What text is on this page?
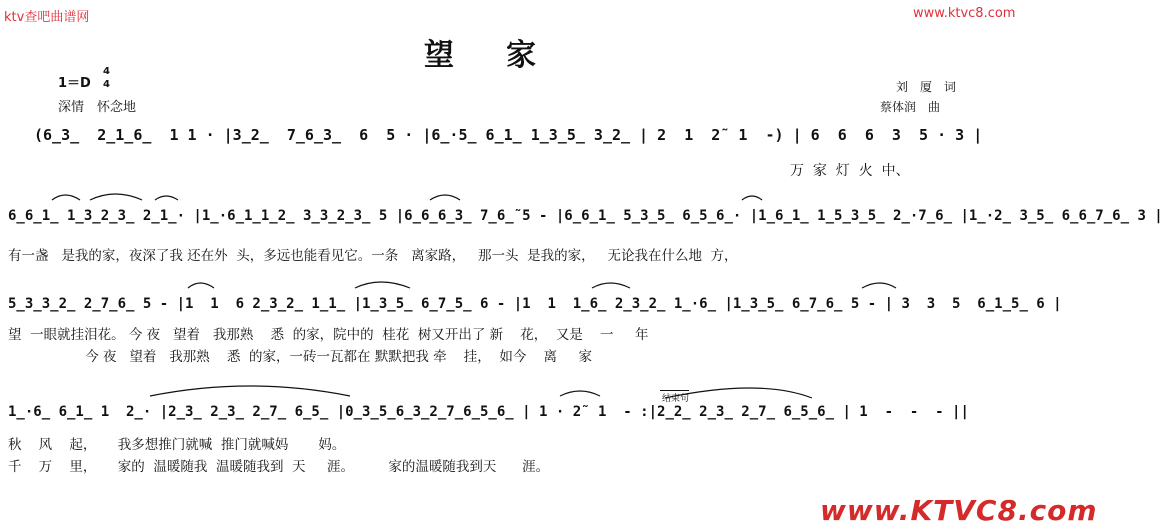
ktv查吧曲谱网	www.ktvc8.com
望家
1＝D
4
4
深情　怀念地
刘　厦　词
蔡体润　曲
(6̲3̲  2̲1̲6̲  1 1 · |3̲2̲  7̲6̲3̲  6  5 · |6̲·5̲ 6̲1̲ 1̲3̲5̲ 3̲2̲ | 2  1  2̃  1  -) | 6  6  6  3  5 · 3 |
万  家  灯  火  中、
6̲6̲1̲ 1̲3̲2̲3̲ 2̲1̲· |1̲·6̲1̲1̲2̲ 3̲3̲2̲3̲ 5 |6̲6̲6̲3̲ 7̲6̲̃ 5 - |6̲6̲1̲ 5̲3̲5̲ 6̲5̲6̲· |1̲6̲1̲ 1̲5̲3̲5̲ 2̲·7̲6̲ |1̲·2̲ 3̲5̲ 6̲6̲7̲6̲ 3 |
有一盏   是我的家，夜深了我 还在外  头，多远也能看见它。一条   离家路，   那一头  是我的家，   无论我在什么地  方，
5̲3̲3̲2̲ 2̲7̲6̲ 5 - |1  1  6 2̲3̲2̲ 1̲1̲ |1̲3̲5̲ 6̲7̲5̲ 6 - |1  1  1̲6̲ 2̲3̲2̲ 1̲·6̲ |1̲3̲5̲ 6̲7̲6̲ 5 - | 3  3  5  6̲1̲5̲ 6 |
望  一眼就挂泪花。 今 夜   望着   我那熟    悉  的家，院中的  桂花  树又开出了 新    花，  又是    一     年
今 夜   望着   我那熟    悉  的家，一砖一瓦都在 默默把我 牵    挂，  如今    离     家
结束句
1̲·6̲ 6̲1̲ 1  2̲· |2̲3̲ 2̲3̲ 2̲7̲ 6̲5̲ |0̲3̲5̲6̲3̲2̲7̲6̲5̲6̲ | 1 · 2̃  1  - :|2̲2̲ 2̲3̲ 2̲7̲ 6̲5̲6̲ | 1  -  -  - ||
秋    风    起，     我多想推门就喊  推门就喊妈       妈。
千    万    里，     家的  温暖随我  温暖随我到  天     涯。        家的温暖随我到天      涯。
www.KTVC8.com
